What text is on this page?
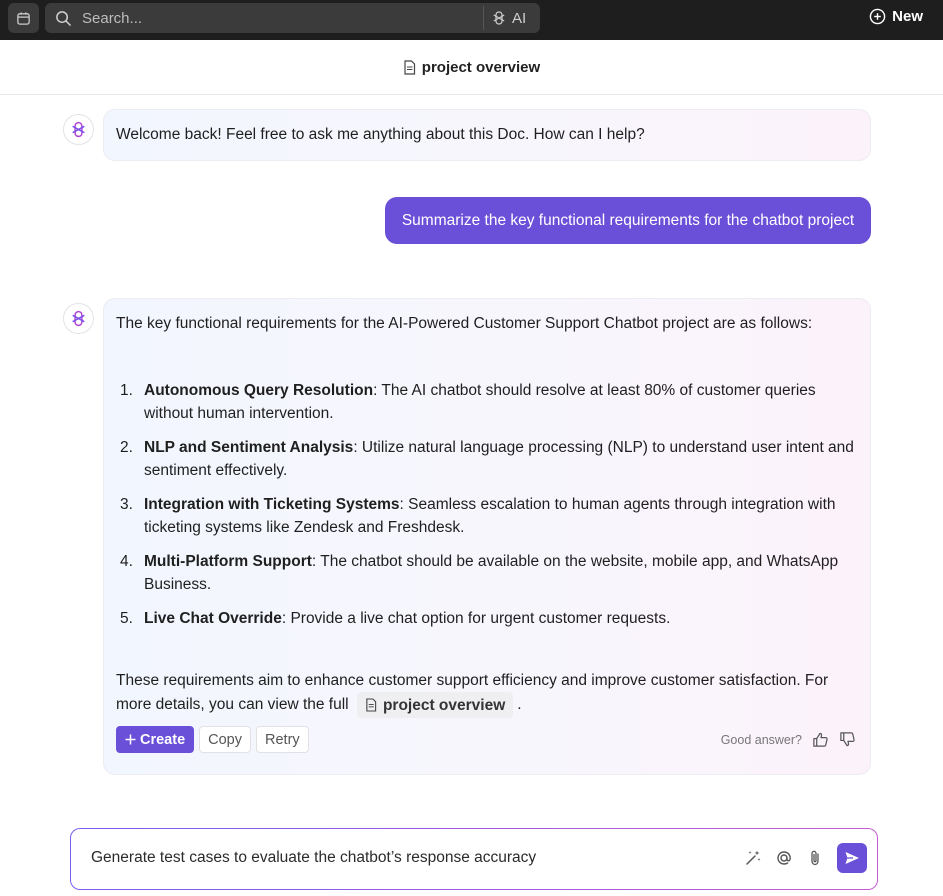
Search...	AI	New
project overview
Welcome back! Feel free to ask me anything about this Doc. How can I help?
Summarize the key functional requirements for the chatbot project

The key functional requirements for the AI-Powered Customer Support Chatbot project are as follows:

1. Autonomous Query Resolution: The AI chatbot should resolve at least 80% of customer queries without human intervention.
2. NLP and Sentiment Analysis: Utilize natural language processing (NLP) to understand user intent and sentiment effectively.
3. Integration with Ticketing Systems: Seamless escalation to human agents through integration with ticketing systems like Zendesk and Freshdesk.
4. Multi-Platform Support: The chatbot should be available on the website, mobile app, and WhatsApp Business.
5. Live Chat Override: Provide a live chat option for urgent customer requests.

These requirements aim to enhance customer support efficiency and improve customer satisfaction. For more details, you can view the full project overview .

Create Copy Retry	Good answer?
Generate test cases to evaluate the chatbot’s response accuracy
